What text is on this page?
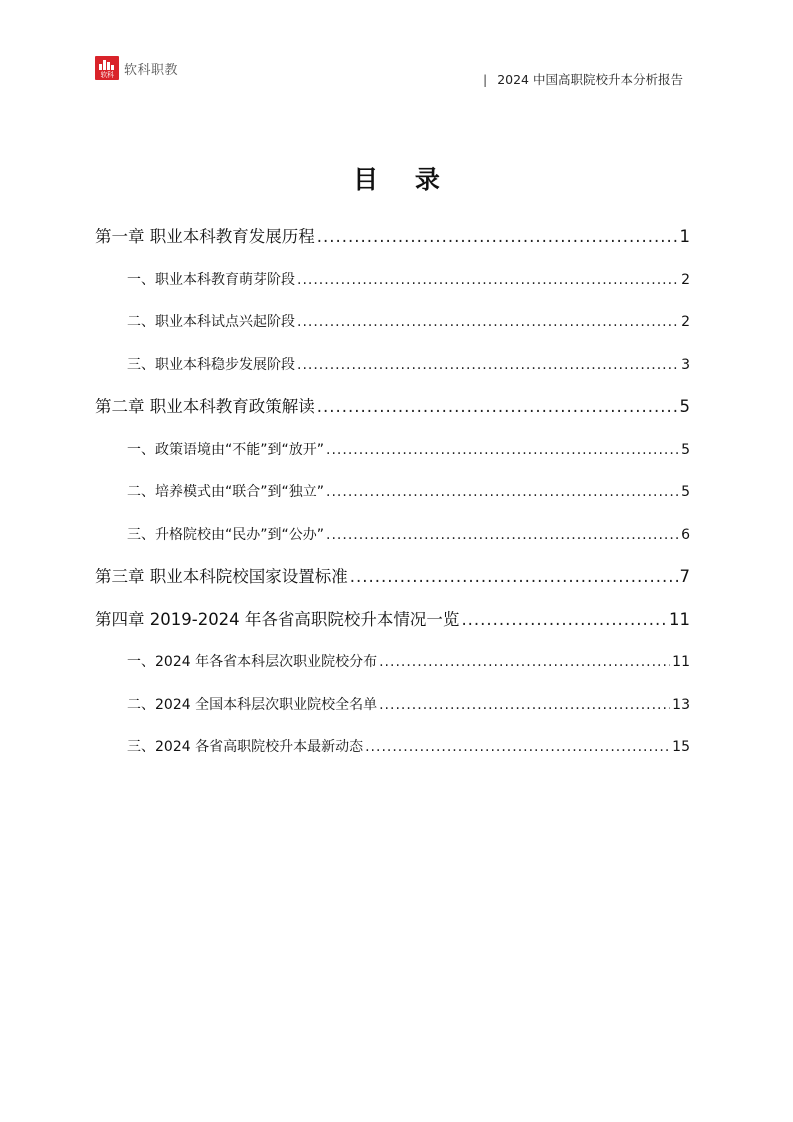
软科 软科职教
| 2024 中国高职院校升本分析报告
目 录
第一章 职业本科教育发展历程 .....	1
一、职业本科教育萌芽阶段 .....	2
二、职业本科试点兴起阶段 .....	2
三、职业本科稳步发展阶段 .....	3
第二章 职业本科教育政策解读 .....	5
一、政策语境由“不能”到“放开” .....	5
二、培养模式由“联合”到“独立” .....	5
三、升格院校由“民办”到“公办” .....	6
第三章 职业本科院校国家设置标准 .....	7
第四章 2019-2024 年各省高职院校升本情况一览 .....	11
一、2024 年各省本科层次职业院校分布 .....	11
二、2024 全国本科层次职业院校全名单 .....	13
三、2024 各省高职院校升本最新动态 .....	15
